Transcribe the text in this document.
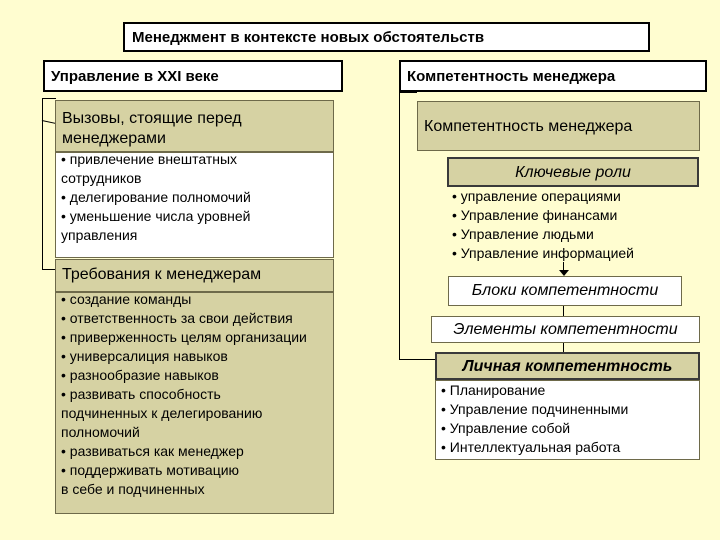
Менеджмент в контексте новых обстоятельств
Управление в XXI веке
Вызовы, стоящие перед менеджерами
• привлечение внештатных
сотрудников
• делегирование полномочий
• уменьшение числа уровней
управления
Требования к менеджерам
• создание команды
• ответственность за свои действия
• приверженность целям организации
• универсалиция навыков
• разнообразие навыков
• развивать способность
подчиненных к делегированию
полномочий
• развиваться как менеджер
• поддерживать мотивацию
в себе и подчиненных
Компетентность менеджера
Компетентность менеджера
Ключевые роли
• управление операциями
• Управление финансами
• Управление людьми
• Управление информацией
Блоки компетентности
Элементы компетентности
Личная компетентность
• Планирование
• Управление подчиненными
• Управление собой
• Интеллектуальная работа
